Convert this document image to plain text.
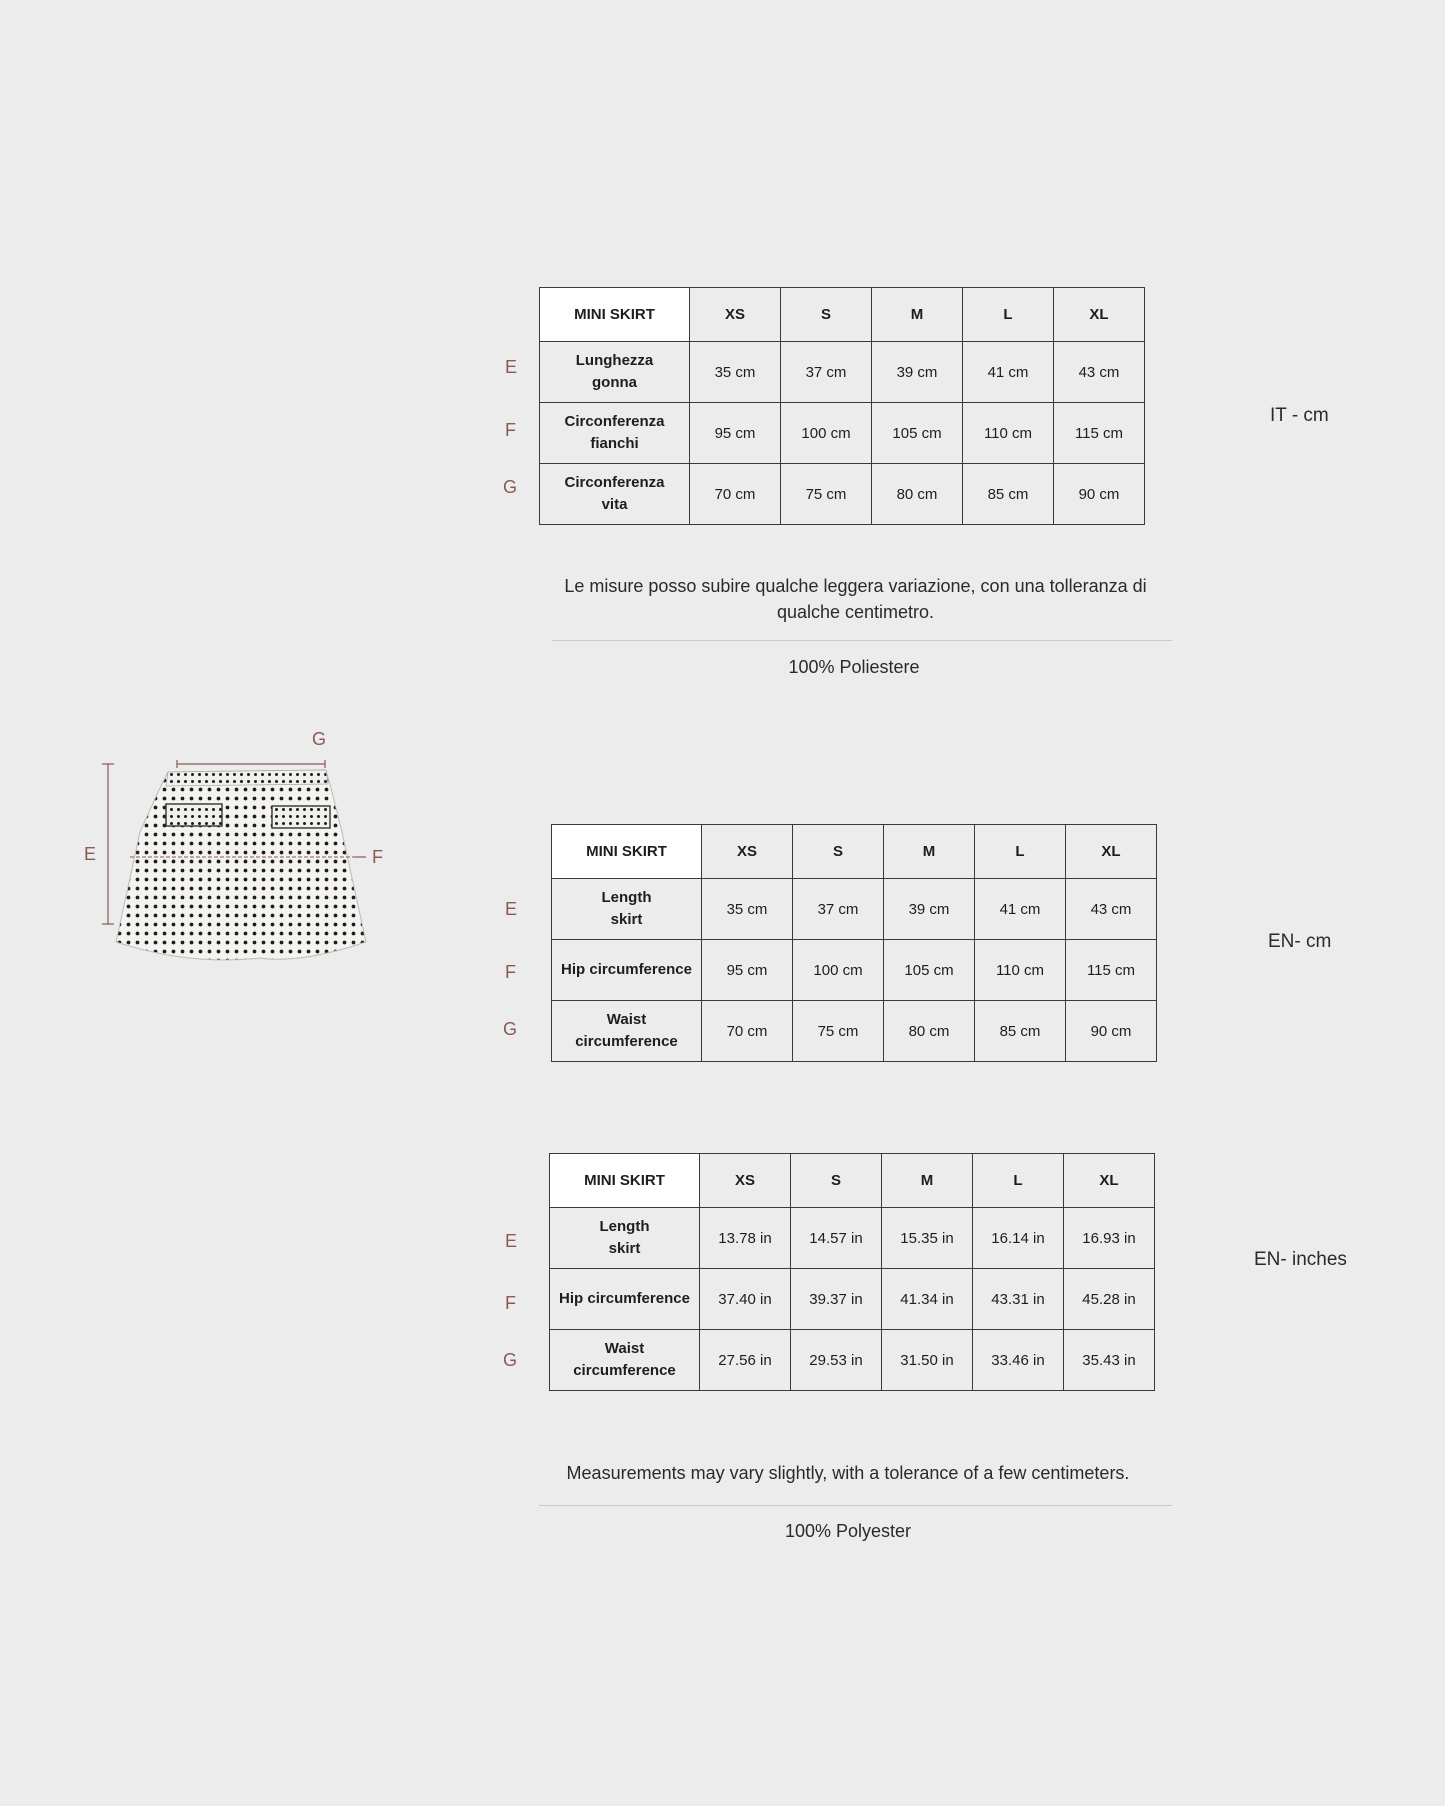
E	F
G
MINI SKIRT	XS	S	M	L	XL
Lunghezza
gonna	35 cm	37 cm	39 cm	41 cm	43 cm
Circonferenza
fianchi	95 cm	100 cm	105 cm	110 cm	115 cm
Circonferenza
vita	70 cm	75 cm	80 cm	85 cm	90 cm
E
F
G
IT - cm
Le misure posso subire qualche leggera variazione, con una tolleranza di qualche centimetro.
100% Poliestere
MINI SKIRT	XS	S	M	L	XL
Length
skirt	35 cm	37 cm	39 cm	41 cm	43 cm
Hip circumference	95 cm	100 cm	105 cm	110 cm	115 cm
Waist
circumference	70 cm	75 cm	80 cm	85 cm	90 cm
E
F
G
EN- cm
MINI SKIRT	XS	S	M	L	XL
Length
skirt	13.78 in	14.57 in	15.35 in	16.14 in	16.93 in
Hip circumference	37.40 in	39.37 in	41.34 in	43.31 in	45.28 in
Waist
circumference	27.56 in	29.53 in	31.50 in	33.46 in	35.43 in
E
F
G
EN- inches
Measurements may vary slightly, with a tolerance of a few centimeters.
100% Polyester
